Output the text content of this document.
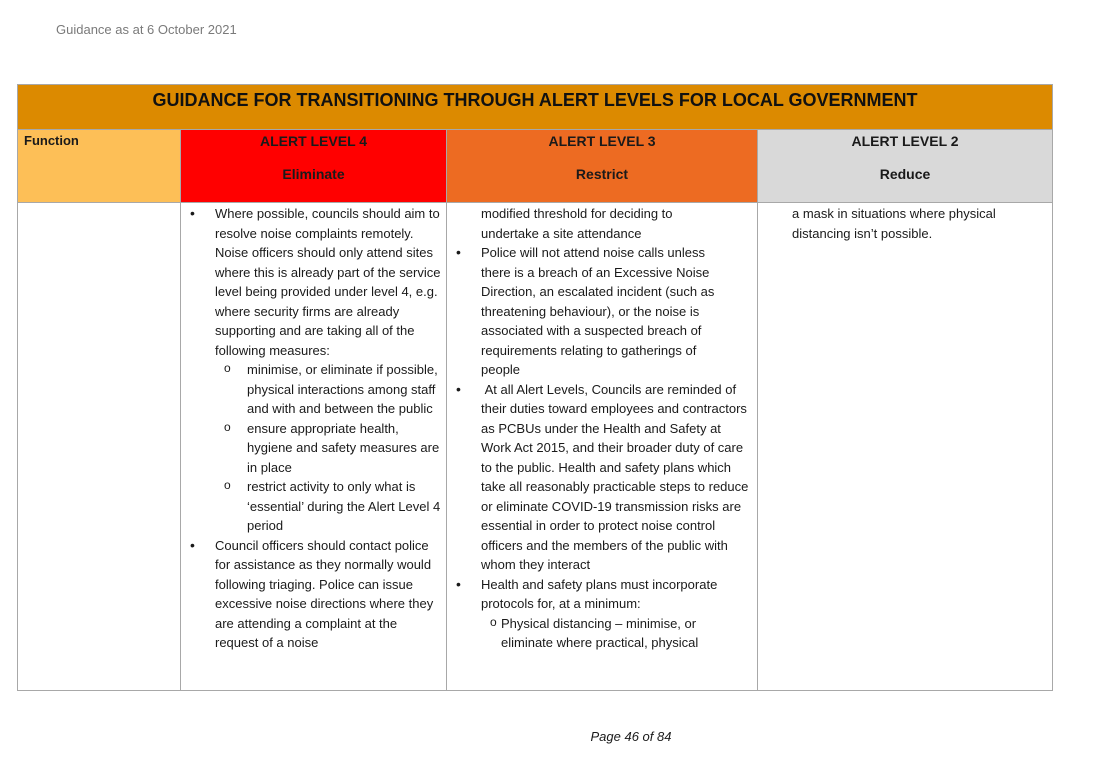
Guidance as at 6 October 2021
GUIDANCE FOR TRANSITIONING THROUGH ALERT LEVELS FOR LOCAL GOVERNMENT
Function	ALERT LEVEL 4
Eliminate
ALERT LEVEL 3
Restrict
ALERT LEVEL 2
Reduce
• Where possible, councils should aim to resolve noise complaints remotely. Noise officers should only attend sites where this is already part of the service level being provided under level 4, e.g. where security firms are already supporting and are taking all of the following measures:
o minimise, or eliminate if possible, physical interactions among staff and with and between the public
o ensure appropriate health, hygiene and safety measures are in place
o restrict activity to only what is ‘essential’ during the Alert Level 4 period
• Council officers should contact police for assistance as they normally would following triaging. Police can issue excessive noise directions where they are attending a complaint at the request of a noise
modified threshold for deciding to undertake a site attendance
• Police will not attend noise calls unless there is a breach of an Excessive Noise Direction, an escalated incident (such as threatening behaviour), or the noise is associated with a suspected breach of requirements relating to gatherings of people
•  At all Alert Levels, Councils are reminded of their duties toward employees and contractors as PCBUs under the Health and Safety at Work Act 2015, and their broader duty of care to the public. Health and safety plans which take all reasonably practicable steps to reduce or eliminate COVID-19 transmission risks are essential in order to protect noise control officers and the members of the public with whom they interact
• Health and safety plans must incorporate protocols for, at a minimum:
o Physical distancing – minimise, or eliminate where practical, physical
a mask in situations where physical distancing isn’t possible.
Page 46 of 84
